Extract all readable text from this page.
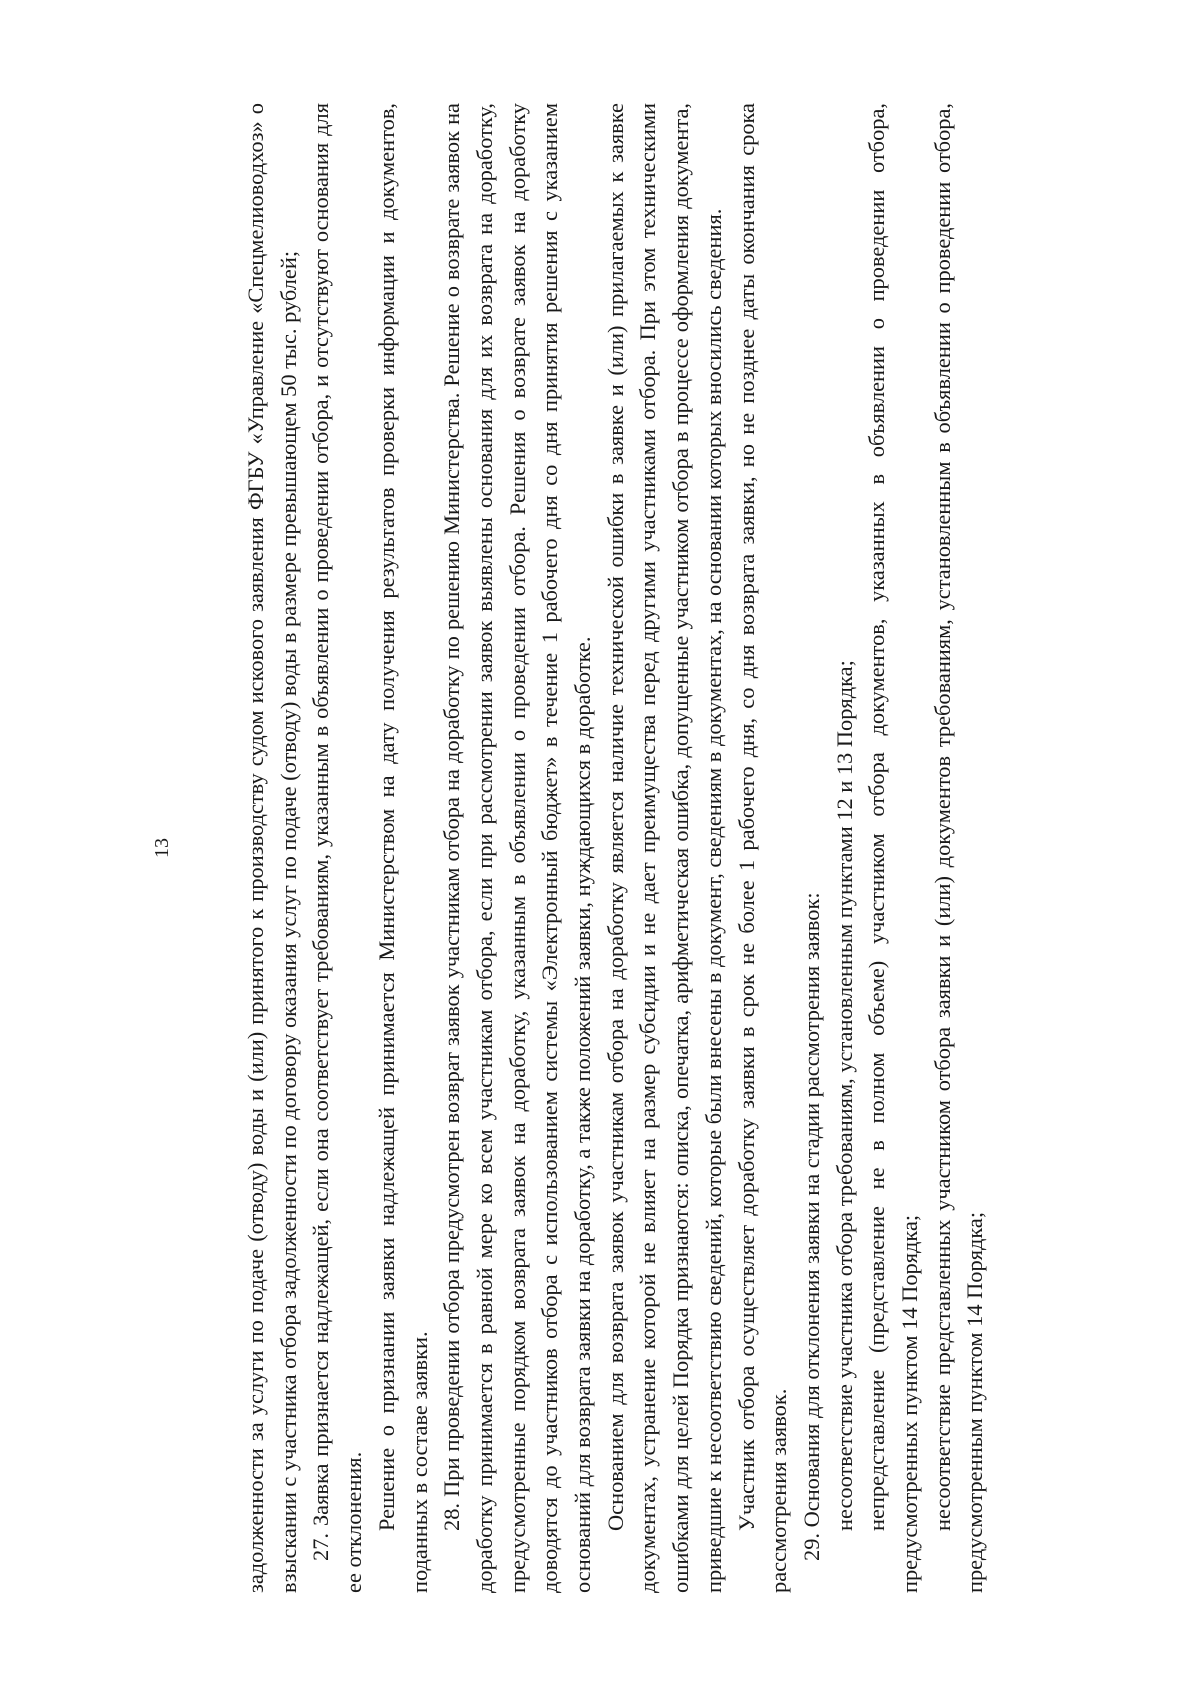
13	задолженности за услуги по подаче (отводу) воды и (или) принятого к производству судом искового заявления ФГБУ «Управление «Спецмелиоводхоз» о взыскании с участника отбора задолженности по договору оказания услуг по подаче (отводу) воды в размере превышающем 50 тыс. рублей; 27. Заявка признается надлежащей, если она соответствует требованиям, указанным в объявлении о проведении отбора, и отсутствуют основания для ее отклонения. Решение о признании заявки надлежащей принимается Министерством на дату получения результатов проверки информации и документов, поданных в составе заявки. 28. При проведении отбора предусмотрен возврат заявок участникам отбора на доработку по решению Министерства. Решение о возврате заявок на доработку принимается в равной мере ко всем участникам отбора, если при рассмотрении заявок выявлены основания для их возврата на доработку, предусмотренные порядком возврата заявок на доработку, указанным в объявлении о проведении отбора. Решения о возврате заявок на доработку доводятся до участников отбора с использованием системы «Электронный бюджет» в течение 1 рабочего дня со дня принятия решения с указанием оснований для возврата заявки на доработку, а также положений заявки, нуждающихся в доработке. Основанием для возврата заявок участникам отбора на доработку является наличие технической ошибки в заявке и (или) прилагаемых к заявке документах, устранение которой не влияет на размер субсидии и не дает преимущества перед другими участниками отбора. При этом техническими ошибками для целей Порядка признаются: описка, опечатка, арифметическая ошибка, допущенные участником отбора в процессе оформления документа, приведшие к несоответствию сведений, которые были внесены в документ, сведениям в документах, на основании которых вносились сведения. Участник отбора осуществляет доработку заявки в срок не более 1 рабочего дня, со дня возврата заявки, но не позднее даты окончания срока рассмотрения заявок. 29. Основания для отклонения заявки на стадии рассмотрения заявок: несоответствие участника отбора требованиям, установленным пунктами 12 и 13 Порядка; непредставление (представление не в полном объеме) участником отбора документов, указанных в объявлении о проведении отбора, предусмотренных пунктом 14 Порядка; несоответствие представленных участником отбора заявки и (или) документов требованиям, установленным в объявлении о проведении отбора, предусмотренным пунктом 14 Порядка;
